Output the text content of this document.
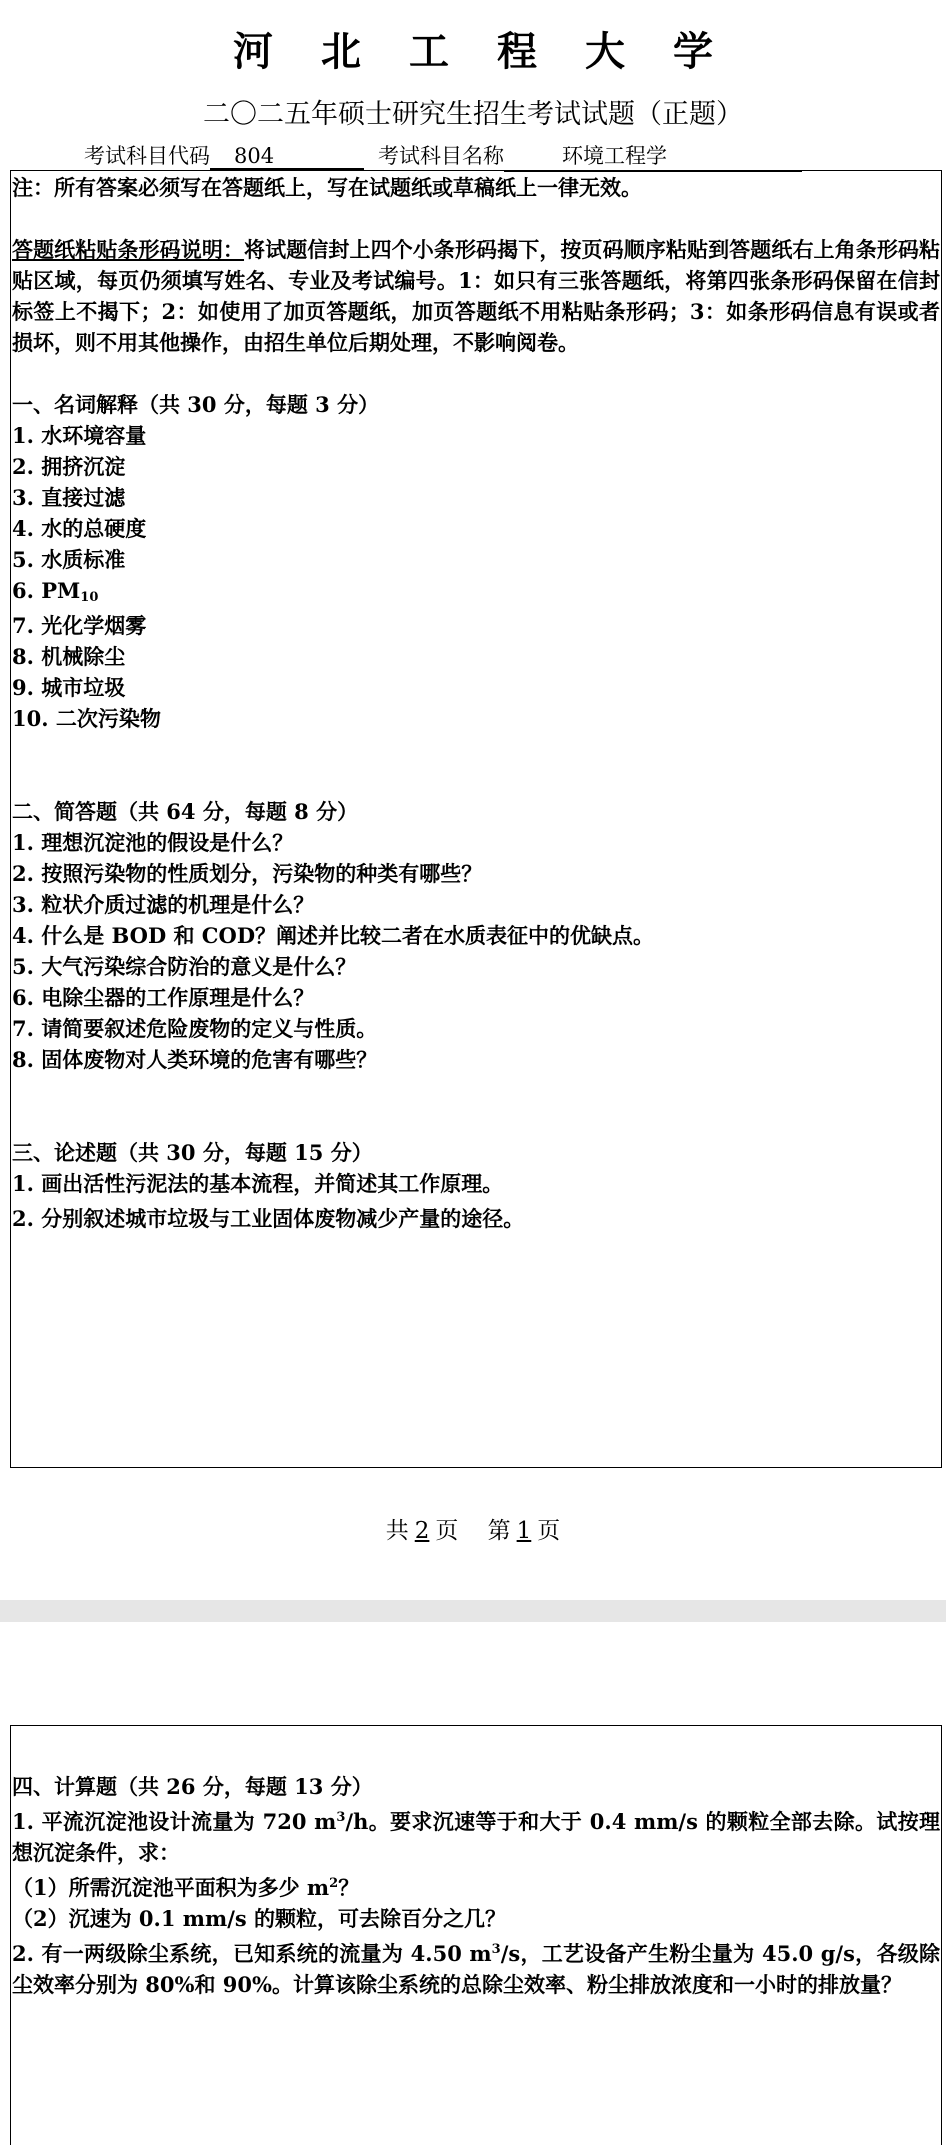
河北工程大学
二〇二五年硕士研究生招生考试试题（正题）
考试科目代码 804	考试科目名称	环境工程学

注：所有答案必须写在答题纸上，写在试题纸或草稿纸上一律无效。

答题纸粘贴条形码说明：将试题信封上四个小条形码揭下，按页码顺序粘贴到答题纸右上角条形码粘贴区域，每页仍须填写姓名、专业及考试编号。1：如只有三张答题纸，将第四张条形码保留在信封标签上不揭下；2：如使用了加页答题纸，加页答题纸不用粘贴条形码；3：如条形码信息有误或者损坏，则不用其他操作，由招生单位后期处理，不影响阅卷。

一、名词解释（共 30 分，每题 3 分）

1. 水环境容量

2. 拥挤沉淀

3. 直接过滤

4. 水的总硬度

5. 水质标准

6. $PM_{10}$

7. 光化学烟雾

8. 机械除尘

9. 城市垃圾

10. 二次污染物

二、简答题（共 64 分，每题 8 分）

1. 理想沉淀池的假设是什么？

2. 按照污染物的性质划分，污染物的种类有哪些？

3. 粒状介质过滤的机理是什么？

4. 什么是 BOD 和 COD？阐述并比较二者在水质表征中的优缺点。

5. 大气污染综合防治的意义是什么？

6. 电除尘器的工作原理是什么？

7. 请简要叙述危险废物的定义与性质。

8. 固体废物对人类环境的危害有哪些？

三、论述题（共 30 分，每题 15 分）

1. 画出活性污泥法的基本流程，并简述其工作原理。

2. 分别叙述城市垃圾与工业固体废物减少产量的途径。

共 2 页 第 1 页

四、计算题（共 26 分，每题 13 分）

1. 平流沉淀池设计流量为 720 $m^3/h$。要求沉速等于和大于 0.4 mm/s 的颗粒全部去除。试按理想沉淀条件，求：

（1）所需沉淀池平面积为多少 $m^2$？

（2）沉速为 0.1 mm/s 的颗粒，可去除百分之几？

2. 有一两级除尘系统，已知系统的流量为 4.50 $m^3/s$，工艺设备产生粉尘量为 45.0 g/s，各级除尘效率分别为 80%和 90%。计算该除尘系统的总除尘效率、粉尘排放浓度和一小时的排放量？
